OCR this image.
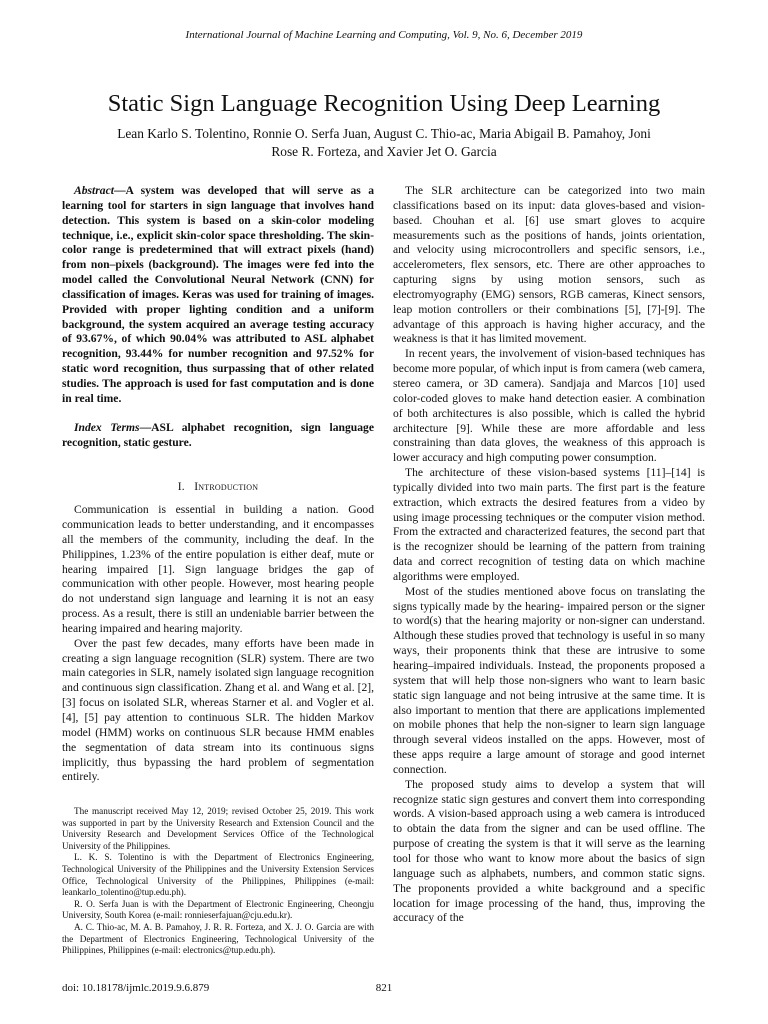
International Journal of Machine Learning and Computing, Vol. 9, No. 6, December 2019
Static Sign Language Recognition Using Deep Learning
Lean Karlo S. Tolentino, Ronnie O. Serfa Juan, August C. Thio-ac, Maria Abigail B. Pamahoy, Joni
Rose R. Forteza, and Xavier Jet O. Garcia

Abstract—A system was developed that will serve as a learning tool for starters in sign language that involves hand detection. This system is based on a skin-color modeling technique, i.e., explicit skin-color space thresholding. The skin-color range is predetermined that will extract pixels (hand) from non–pixels (background). The images were fed into the model called the Convolutional Neural Network (CNN) for classification of images. Keras was used for training of images. Provided with proper lighting condition and a uniform background, the system acquired an average testing accuracy of 93.67%, of which 90.04% was attributed to ASL alphabet recognition, 93.44% for number recognition and 97.52% for static word recognition, thus surpassing that of other related studies. The approach is used for fast computation and is done in real time.

Index Terms—ASL alphabet recognition, sign language recognition, static gesture.

I. Introduction

Communication is essential in building a nation. Good communication leads to better understanding, and it encompasses all the members of the community, including the deaf. In the Philippines, 1.23% of the entire population is either deaf, mute or hearing impaired [1]. Sign language bridges the gap of communication with other people. However, most hearing people do not understand sign language and learning it is not an easy process. As a result, there is still an undeniable barrier between the hearing impaired and hearing majority.

Over the past few decades, many efforts have been made in creating a sign language recognition (SLR) system. There are two main categories in SLR, namely isolated sign language recognition and continuous sign classification. Zhang et al. and Wang et al. [2], [3] focus on isolated SLR, whereas Starner et al. and Vogler et al. [4], [5] pay attention to continuous SLR. The hidden Markov model (HMM) works on continuous SLR because HMM enables the segmentation of data stream into its continuous signs implicitly, thus bypassing the hard problem of segmentation entirely.

The manuscript received May 12, 2019; revised October 25, 2019. This work was supported in part by the University Research and Extension Council and the University Research and Development Services Office of the Technological University of the Philippines.

L. K. S. Tolentino is with the Department of Electronics Engineering, Technological University of the Philippines and the University Extension Services Office, Technological University of the Philippines, Philippines (e-mail: leankarlo_tolentino@tup.edu.ph).

R. O. Serfa Juan is with the Department of Electronic Engineering, Cheongju University, South Korea (e-mail: ronnieserfajuan@cju.edu.kr).

A. C. Thio-ac, M. A. B. Pamahoy, J. R. R. Forteza, and X. J. O. Garcia are with the Department of Electronics Engineering, Technological University of the Philippines, Philippines (e-mail: electronics@tup.edu.ph).

The SLR architecture can be categorized into two main classifications based on its input: data gloves-based and vision-based. Chouhan et al. [6] use smart gloves to acquire measurements such as the positions of hands, joints orientation, and velocity using microcontrollers and specific sensors, i.e., accelerometers, flex sensors, etc. There are other approaches to capturing signs by using motion sensors, such as electromyography (EMG) sensors, RGB cameras, Kinect sensors, leap motion controllers or their combinations [5], [7]-[9]. The advantage of this approach is having higher accuracy, and the weakness is that it has limited movement.

In recent years, the involvement of vision-based techniques has become more popular, of which input is from camera (web camera, stereo camera, or 3D camera). Sandjaja and Marcos [10] used color-coded gloves to make hand detection easier. A combination of both architectures is also possible, which is called the hybrid architecture [9]. While these are more affordable and less constraining than data gloves, the weakness of this approach is lower accuracy and high computing power consumption.

The architecture of these vision-based systems [11]–[14] is typically divided into two main parts. The first part is the feature extraction, which extracts the desired features from a video by using image processing techniques or the computer vision method. From the extracted and characterized features, the second part that is the recognizer should be learning of the pattern from training data and correct recognition of testing data on which machine algorithms were employed.

Most of the studies mentioned above focus on translating the signs typically made by the hearing- impaired person or the signer to word(s) that the hearing majority or non-signer can understand. Although these studies proved that technology is useful in so many ways, their proponents think that these are intrusive to some hearing–impaired individuals. Instead, the proponents proposed a system that will help those non-signers who want to learn basic static sign language and not being intrusive at the same time. It is also important to mention that there are applications implemented on mobile phones that help the non-signer to learn sign language through several videos installed on the apps. However, most of these apps require a large amount of storage and good internet connection.

The proposed study aims to develop a system that will recognize static sign gestures and convert them into corresponding words. A vision-based approach using a web camera is introduced to obtain the data from the signer and can be used offline. The purpose of creating the system is that it will serve as the learning tool for those who want to know more about the basics of sign language such as alphabets, numbers, and common static signs. The proponents provided a white background and a specific location for image processing of the hand, thus, improving the accuracy of the

doi: 10.18178/ijmlc.2019.9.6.879	821
